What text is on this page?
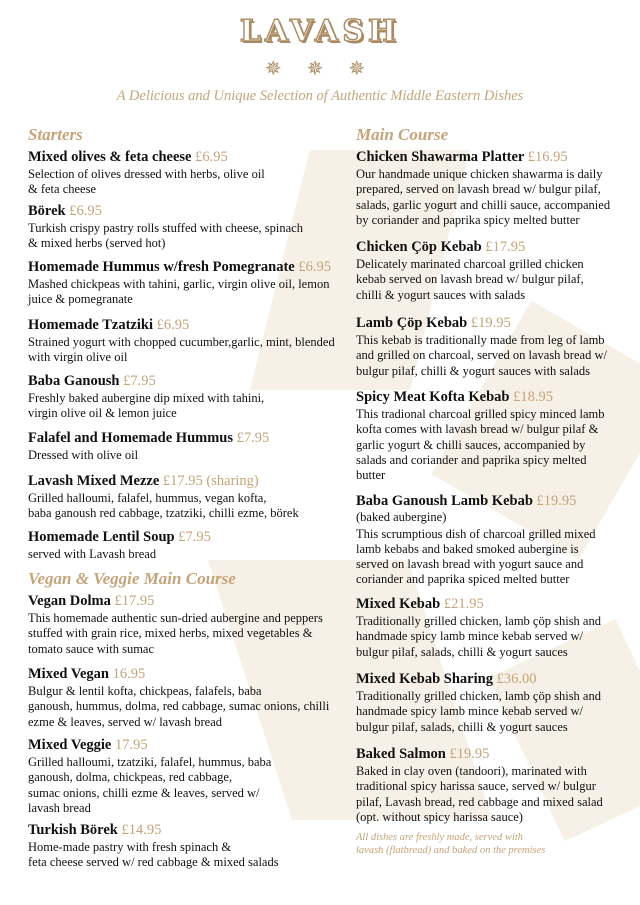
LAVASH
✵ ✵ ✵
A Delicious and Unique Selection of Authentic Middle Eastern Dishes
Starters
Mixed olives & feta cheese £6.95
Selection of olives dressed with herbs, olive oil
& feta cheese
Börek £6.95
Turkish crispy pastry rolls stuffed with cheese, spinach
& mixed herbs (served hot)
Homemade Hummus w/fresh Pomegranate £6.95
Mashed chickpeas with tahini, garlic, virgin olive oil, lemon
juice & pomegranate
Homemade Tzatziki £6.95
Strained yogurt with chopped cucumber,garlic, mint, blended
with virgin olive oil
Baba Ganoush £7.95
Freshly baked aubergine dip mixed with tahini,
virgin olive oil & lemon juice
Falafel and Homemade Hummus £7.95
Dressed with olive oil
Lavash Mixed Mezze £17.95 (sharing)
Grilled halloumi, falafel, hummus, vegan kofta,
baba ganoush red cabbage, tzatziki, chilli ezme, börek
Homemade Lentil Soup £7.95
served with Lavash bread
Vegan & Veggie Main Course
Vegan Dolma £17.95
This homemade authentic sun-dried aubergine and peppers
stuffed with grain rice, mixed herbs, mixed vegetables &
tomato sauce with sumac
Mixed Vegan 16.95
Bulgur & lentil kofta, chickpeas, falafels, baba
ganoush, hummus, dolma, red cabbage, sumac onions, chilli
ezme & leaves, served w/ lavash bread
Mixed Veggie 17.95
Grilled halloumi, tzatziki, falafel, hummus, baba
ganoush, dolma, chickpeas, red cabbage,
sumac onions, chilli ezme & leaves, served w/
lavash bread
Turkish Börek £14.95
Home-made pastry with fresh spinach &
feta cheese served w/ red cabbage & mixed salads
Main Course
Chicken Shawarma Platter £16.95
Our handmade unique chicken shawarma is daily
prepared, served on lavash bread w/ bulgur pilaf,
salads, garlic yogurt and chilli sauce, accompanied
by coriander and paprika spicy melted butter
Chicken Çöp Kebab £17.95
Delicately marinated charcoal grilled chicken
kebab served on lavash bread w/ bulgur pilaf,
chilli & yogurt sauces with salads
Lamb Çöp Kebab £19.95
This kebab is traditionally made from leg of lamb
and grilled on charcoal, served on lavash bread w/
bulgur pilaf, chilli & yogurt sauces with salads
Spicy Meat Kofta Kebab £18.95
This tradional charcoal grilled spicy minced lamb
kofta comes with lavash bread w/ bulgur pilaf &
garlic yogurt & chilli sauces, accompanied by
salads and coriander and paprika spicy melted
butter
Baba Ganoush Lamb Kebab £19.95
(baked aubergine)
This scrumptious dish of charcoal grilled mixed
lamb kebabs and baked smoked aubergine is
served on lavash bread with yogurt sauce and
coriander and paprika spiced melted butter
Mixed Kebab £21.95
Traditionally grilled chicken, lamb çöp shish and
handmade spicy lamb mince kebab served w/
bulgur pilaf, salads, chilli & yogurt sauces
Mixed Kebab Sharing £36.00
Traditionally grilled chicken, lamb çöp shish and
handmade spicy lamb mince kebab served w/
bulgur pilaf, salads, chilli & yogurt sauces
Baked Salmon £19.95
Baked in clay oven (tandoori), marinated with
traditional spicy harissa sauce, served w/ bulgur
pilaf, Lavash bread, red cabbage and mixed salad
(opt. without spicy harissa sauce)
All dishes are freshly made, served with
lavash (flatbread) and baked on the premises
